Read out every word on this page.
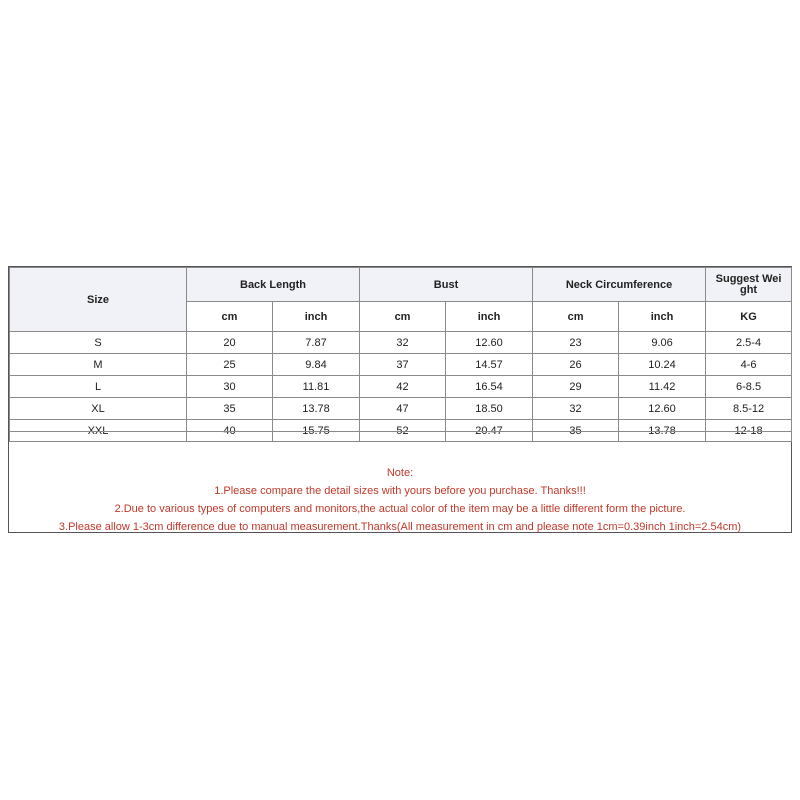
Size	Back Length		Bust		Neck Circumference		Suggest Wei
ght
	cm	inch	cm	inch	cm	inch	KG
S	20	7.87	32	12.60	23	9.06	2.5-4
M	25	9.84	37	14.57	26	10.24	4-6
L	30	11.81	42	16.54	29	11.42	6-8.5
XL	35	13.78	47	18.50	32	12.60	8.5-12
XXL	40	15.75	52	20.47	35	13.78	12-18
Note:
1.Please compare the detail sizes with yours before you purchase. Thanks!!!
2.Due to various types of computers and monitors,the actual color of the item may be a little different form the picture.
3.Please allow 1-3cm difference due to manual measurement.Thanks(All measurement in cm and please note 1cm=0.39inch 1inch=2.54cm)
